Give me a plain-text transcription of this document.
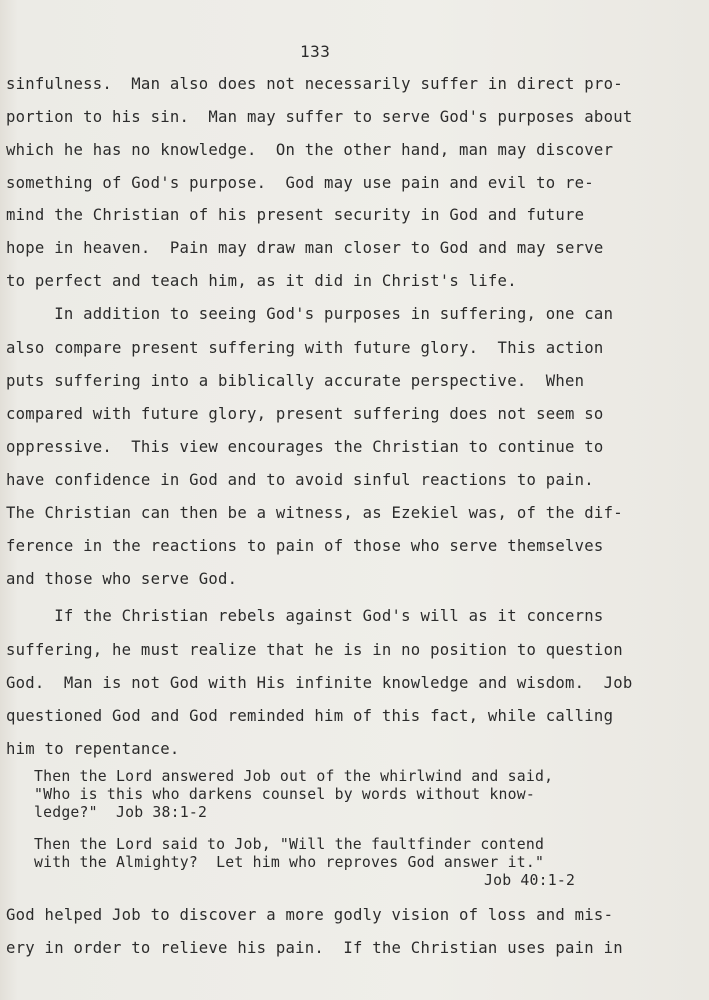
133
sinfulness.  Man also does not necessarily suffer in direct pro-
portion to his sin.  Man may suffer to serve God's purposes about
which he has no knowledge.  On the other hand, man may discover
something of God's purpose.  God may use pain and evil to re-
mind the Christian of his present security in God and future
hope in heaven.  Pain may draw man closer to God and may serve
to perfect and teach him, as it did in Christ's life.
In addition to seeing God's purposes in suffering, one can
also compare present suffering with future glory.  This action
puts suffering into a biblically accurate perspective.  When
compared with future glory, present suffering does not seem so
oppressive.  This view encourages the Christian to continue to
have confidence in God and to avoid sinful reactions to pain.
The Christian can then be a witness, as Ezekiel was, of the dif-
ference in the reactions to pain of those who serve themselves
and those who serve God.
If the Christian rebels against God's will as it concerns
suffering, he must realize that he is in no position to question
God.  Man is not God with His infinite knowledge and wisdom.  Job
questioned God and God reminded him of this fact, while calling
him to repentance.
Then the Lord answered Job out of the whirlwind and said,
"Who is this who darkens counsel by words without know-
ledge?"  Job 38:1-2
Then the Lord said to Job, "Will the faultfinder contend
with the Almighty?  Let him who reproves God answer it."
Job 40:1-2
God helped Job to discover a more godly vision of loss and mis-
ery in order to relieve his pain.  If the Christian uses pain in
